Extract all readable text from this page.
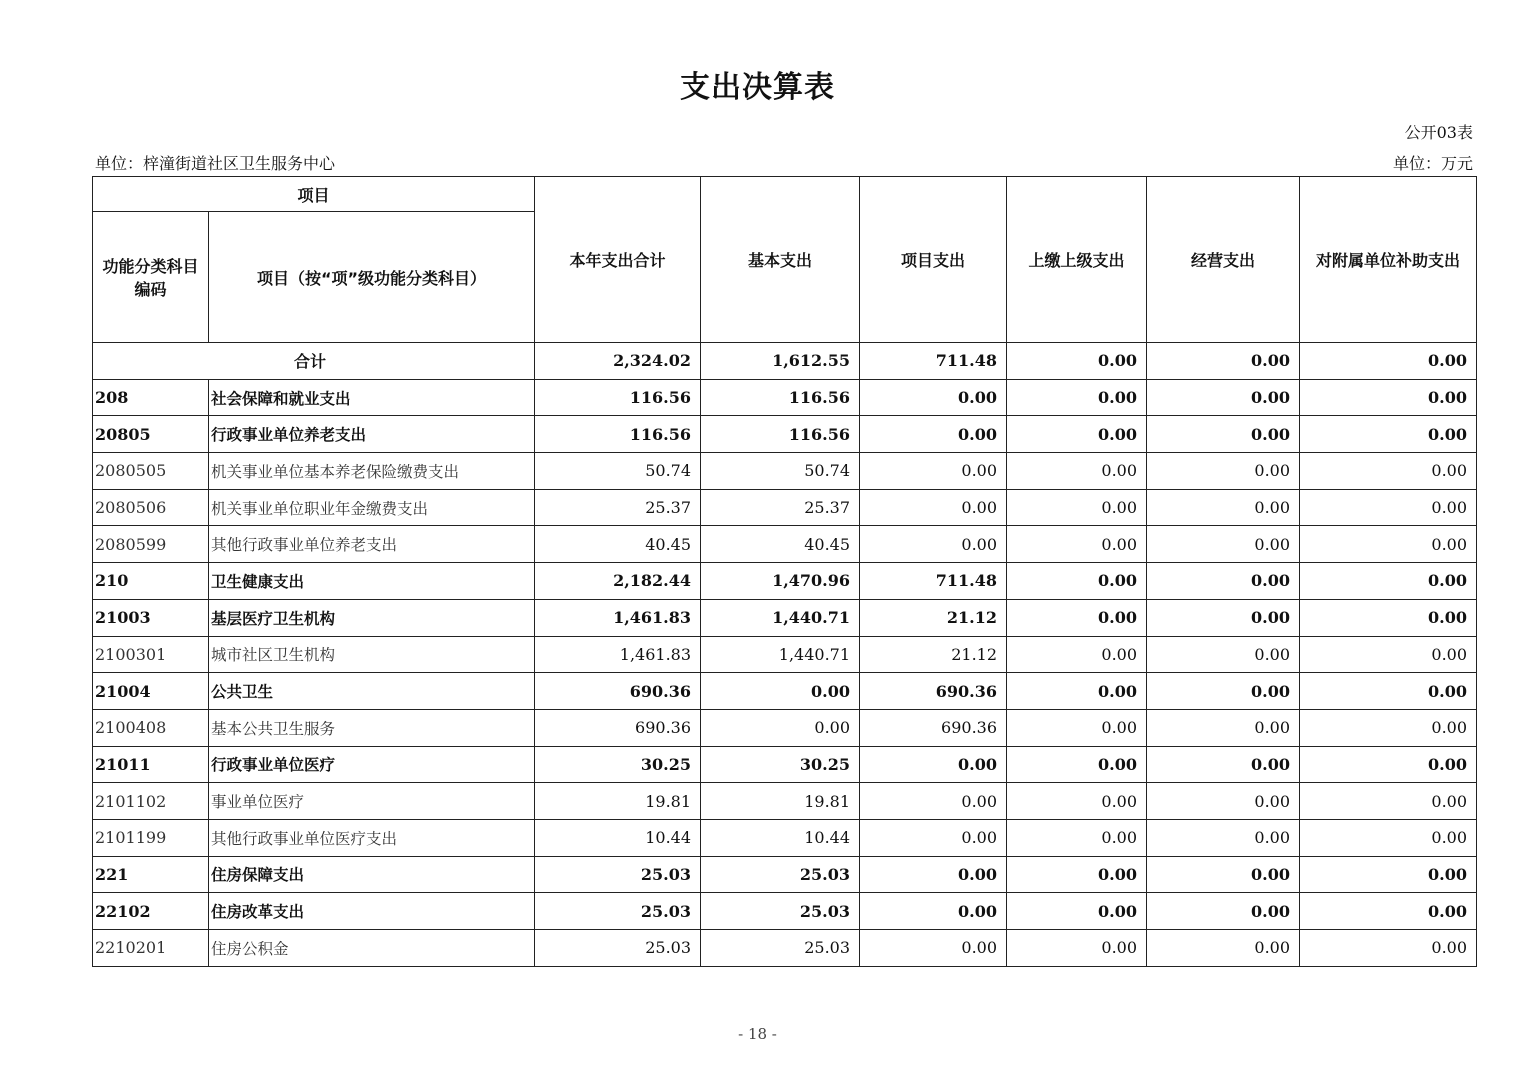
支出决算表
公开03表
单位：梓潼街道社区卫生服务中心	单位：万元
项目		本年支出合计	基本支出	项目支出	上缴上级支出	经营支出	对附属单位补助支出
功能分类科目编码	项目（按“项”级功能分类科目）						
合计		2,324.02	1,612.55	711.48	0.00	0.00	0.00
208	社会保障和就业支出	116.56	116.56	0.00	0.00	0.00	0.00
20805	行政事业单位养老支出	116.56	116.56	0.00	0.00	0.00	0.00
2080505	机关事业单位基本养老保险缴费支出	50.74	50.74	0.00	0.00	0.00	0.00
2080506	机关事业单位职业年金缴费支出	25.37	25.37	0.00	0.00	0.00	0.00
2080599	其他行政事业单位养老支出	40.45	40.45	0.00	0.00	0.00	0.00
210	卫生健康支出	2,182.44	1,470.96	711.48	0.00	0.00	0.00
21003	基层医疗卫生机构	1,461.83	1,440.71	21.12	0.00	0.00	0.00
2100301	城市社区卫生机构	1,461.83	1,440.71	21.12	0.00	0.00	0.00
21004	公共卫生	690.36	0.00	690.36	0.00	0.00	0.00
2100408	基本公共卫生服务	690.36	0.00	690.36	0.00	0.00	0.00
21011	行政事业单位医疗	30.25	30.25	0.00	0.00	0.00	0.00
2101102	事业单位医疗	19.81	19.81	0.00	0.00	0.00	0.00
2101199	其他行政事业单位医疗支出	10.44	10.44	0.00	0.00	0.00	0.00
221	住房保障支出	25.03	25.03	0.00	0.00	0.00	0.00
22102	住房改革支出	25.03	25.03	0.00	0.00	0.00	0.00
2210201	住房公积金	25.03	25.03	0.00	0.00	0.00	0.00
- 18 -
